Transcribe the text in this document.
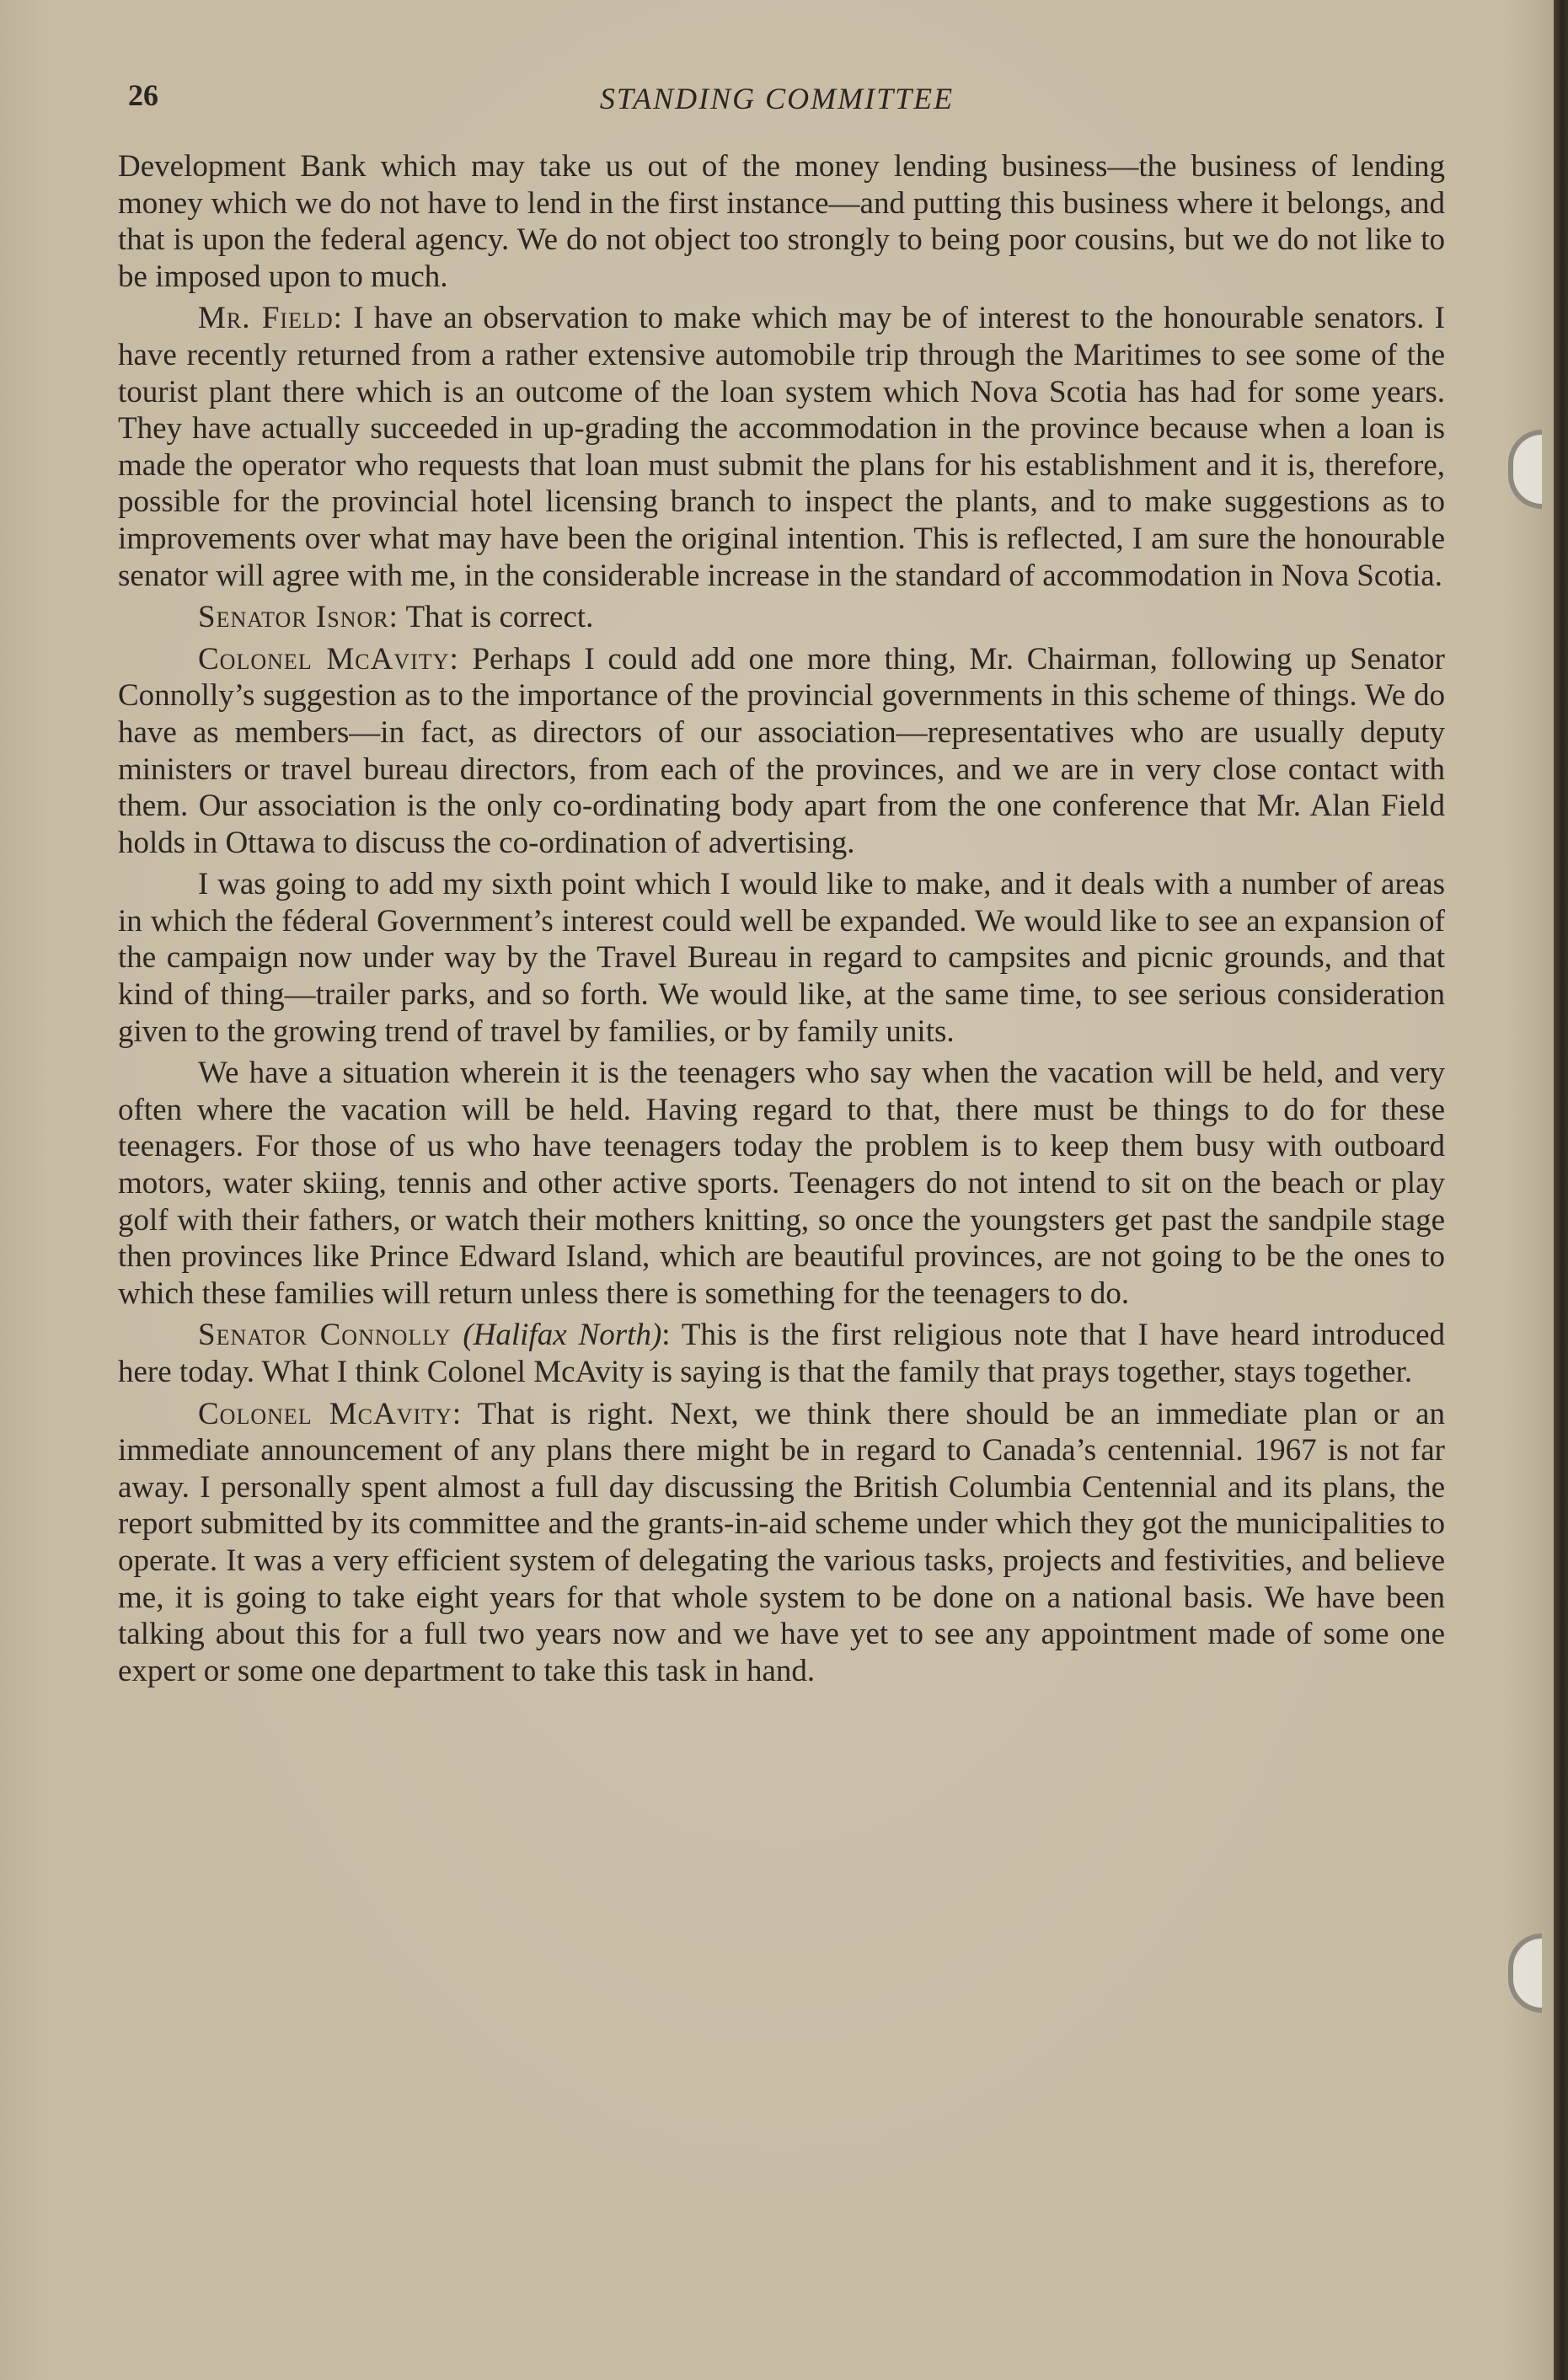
26	STANDING COMMITTEE

Development Bank which may take us out of the money lending business—the business of lending money which we do not have to lend in the first instance—and putting this business where it belongs, and that is upon the federal agency. We do not object too strongly to being poor cousins, but we do not like to be imposed upon to much.

Mr. Field: I have an observation to make which may be of interest to the honourable senators. I have recently returned from a rather extensive automobile trip through the Maritimes to see some of the tourist plant there which is an outcome of the loan system which Nova Scotia has had for some years. They have actually succeeded in up-grading the accommodation in the province because when a loan is made the operator who requests that loan must submit the plans for his establishment and it is, therefore, possible for the provincial hotel licensing branch to inspect the plants, and to make suggestions as to improvements over what may have been the original intention. This is reflected, I am sure the honourable senator will agree with me, in the considerable increase in the standard of accommodation in Nova Scotia.

Senator Isnor: That is correct.

Colonel McAvity: Perhaps I could add one more thing, Mr. Chairman, following up Senator Connolly’s suggestion as to the importance of the provincial governments in this scheme of things. We do have as members—in fact, as directors of our association—representatives who are usually deputy ministers or travel bureau directors, from each of the provinces, and we are in very close contact with them. Our association is the only co-ordinating body apart from the one conference that Mr. Alan Field holds in Ottawa to discuss the co-ordination of advertising.

I was going to add my sixth point which I would like to make, and it deals with a number of areas in which the féderal Government’s interest could well be expanded. We would like to see an expansion of the campaign now under way by the Travel Bureau in regard to campsites and picnic grounds, and that kind of thing—trailer parks, and so forth. We would like, at the same time, to see serious consideration given to the growing trend of travel by families, or by family units.

We have a situation wherein it is the teenagers who say when the vacation will be held, and very often where the vacation will be held. Having regard to that, there must be things to do for these teenagers. For those of us who have teenagers today the problem is to keep them busy with outboard motors, water skiing, tennis and other active sports. Teenagers do not intend to sit on the beach or play golf with their fathers, or watch their mothers knitting, so once the youngsters get past the sandpile stage then provinces like Prince Edward Island, which are beautiful provinces, are not going to be the ones to which these families will return unless there is something for the teenagers to do.

Senator Connolly (Halifax North): This is the first religious note that I have heard introduced here today. What I think Colonel McAvity is saying is that the family that prays together, stays together.

Colonel McAvity: That is right. Next, we think there should be an immediate plan or an immediate announcement of any plans there might be in regard to Canada’s centennial. 1967 is not far away. I personally spent almost a full day discussing the British Columbia Centennial and its plans, the report submitted by its committee and the grants-in-aid scheme under which they got the municipalities to operate. It was a very efficient system of delegating the various tasks, projects and festivities, and believe me, it is going to take eight years for that whole system to be done on a national basis. We have been talking about this for a full two years now and we have yet to see any appointment made of some one expert or some one department to take this task in hand.
